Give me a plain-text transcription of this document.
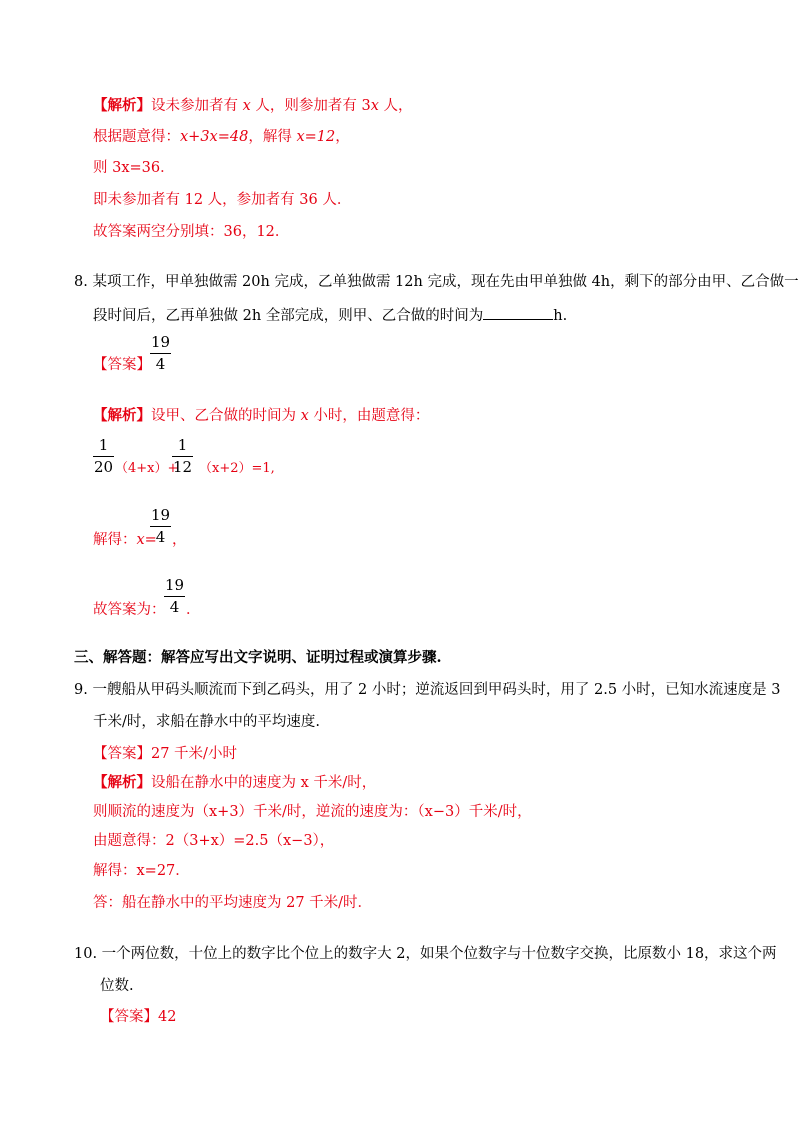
【解析】设未参加者有 x 人，则参加者有 3x 人，
根据题意得：x+3x=48，解得 x=12，
则 3x=36．
即未参加者有 12 人，参加者有 36 人．
故答案两空分别填：36，12．
8. 某项工作，甲单独做需 20h 完成，乙单独做需 12h 完成，现在先由甲单独做 4h，剩下的部分由甲、乙合做一
段时间后，乙再单独做 2h 全部完成，则甲、乙合做的时间为	h.
【答案】
19
4
【解析】设甲、乙合做的时间为 x 小时，由题意得：
1
20 （4+x）+
1
12 （x+2）=1,
解得：x=
19
4 ，
故答案为：
19
4 ．
三、解答题：解答应写出文字说明、证明过程或演算步骤.
9. 一艘船从甲码头顺流而下到乙码头，用了 2 小时；逆流返回到甲码头时，用了 2.5 小时，已知水流速度是 3
千米/时，求船在静水中的平均速度.
【答案】27 千米/小时
【解析】设船在静水中的速度为 x 千米/时，
则顺流的速度为（x+3）千米/时，逆流的速度为：（x−3）千米/时，
由题意得：2（3+x）=2.5（x−3），
解得：x=27．
答：船在静水中的平均速度为 27 千米/时．
10. 一个两位数，十位上的数字比个位上的数字大 2，如果个位数字与十位数字交换，比原数小 18，求这个两
位数.
【答案】42
